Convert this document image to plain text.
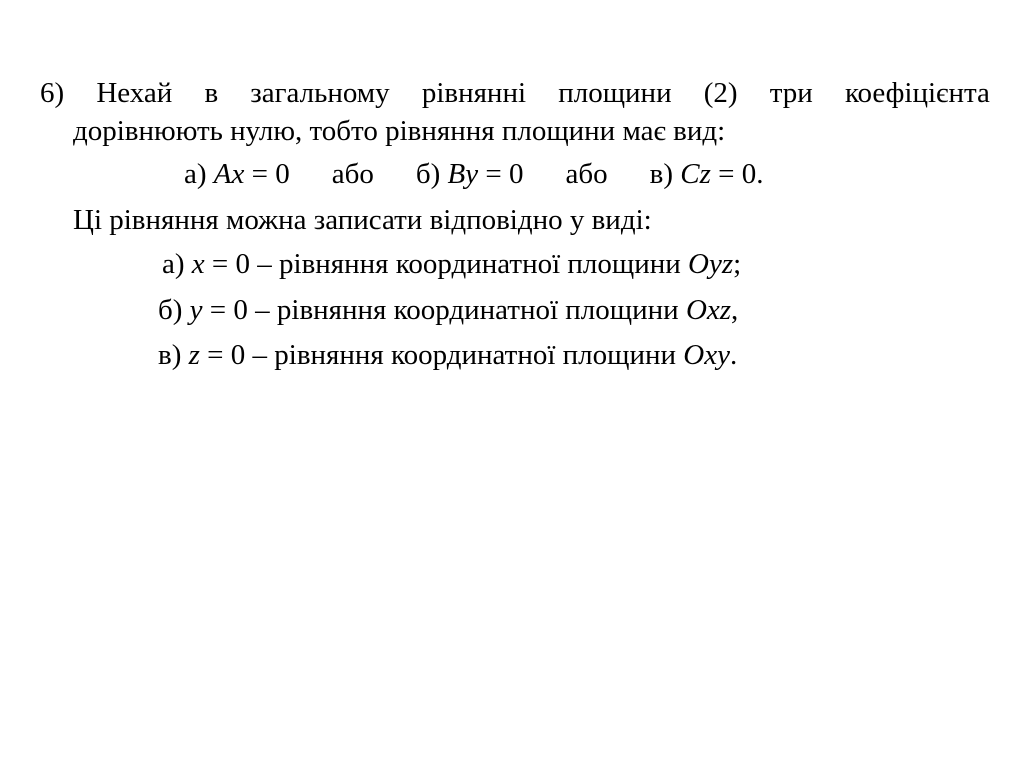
6) Нехай в загальному рівнянні площини (2) три коефіцієнта
дорівнюють нулю, тобто рівняння площини має вид:
а) Ax = 0 або б) By = 0 або в) Cz = 0.
Ці рівняння можна записати відповідно у виді:
а) x = 0 – рівняння координатної площини Oyz;
б) y = 0 – рівняння координатної площини Oxz,
в) z = 0 – рівняння координатної площини Oxy.
